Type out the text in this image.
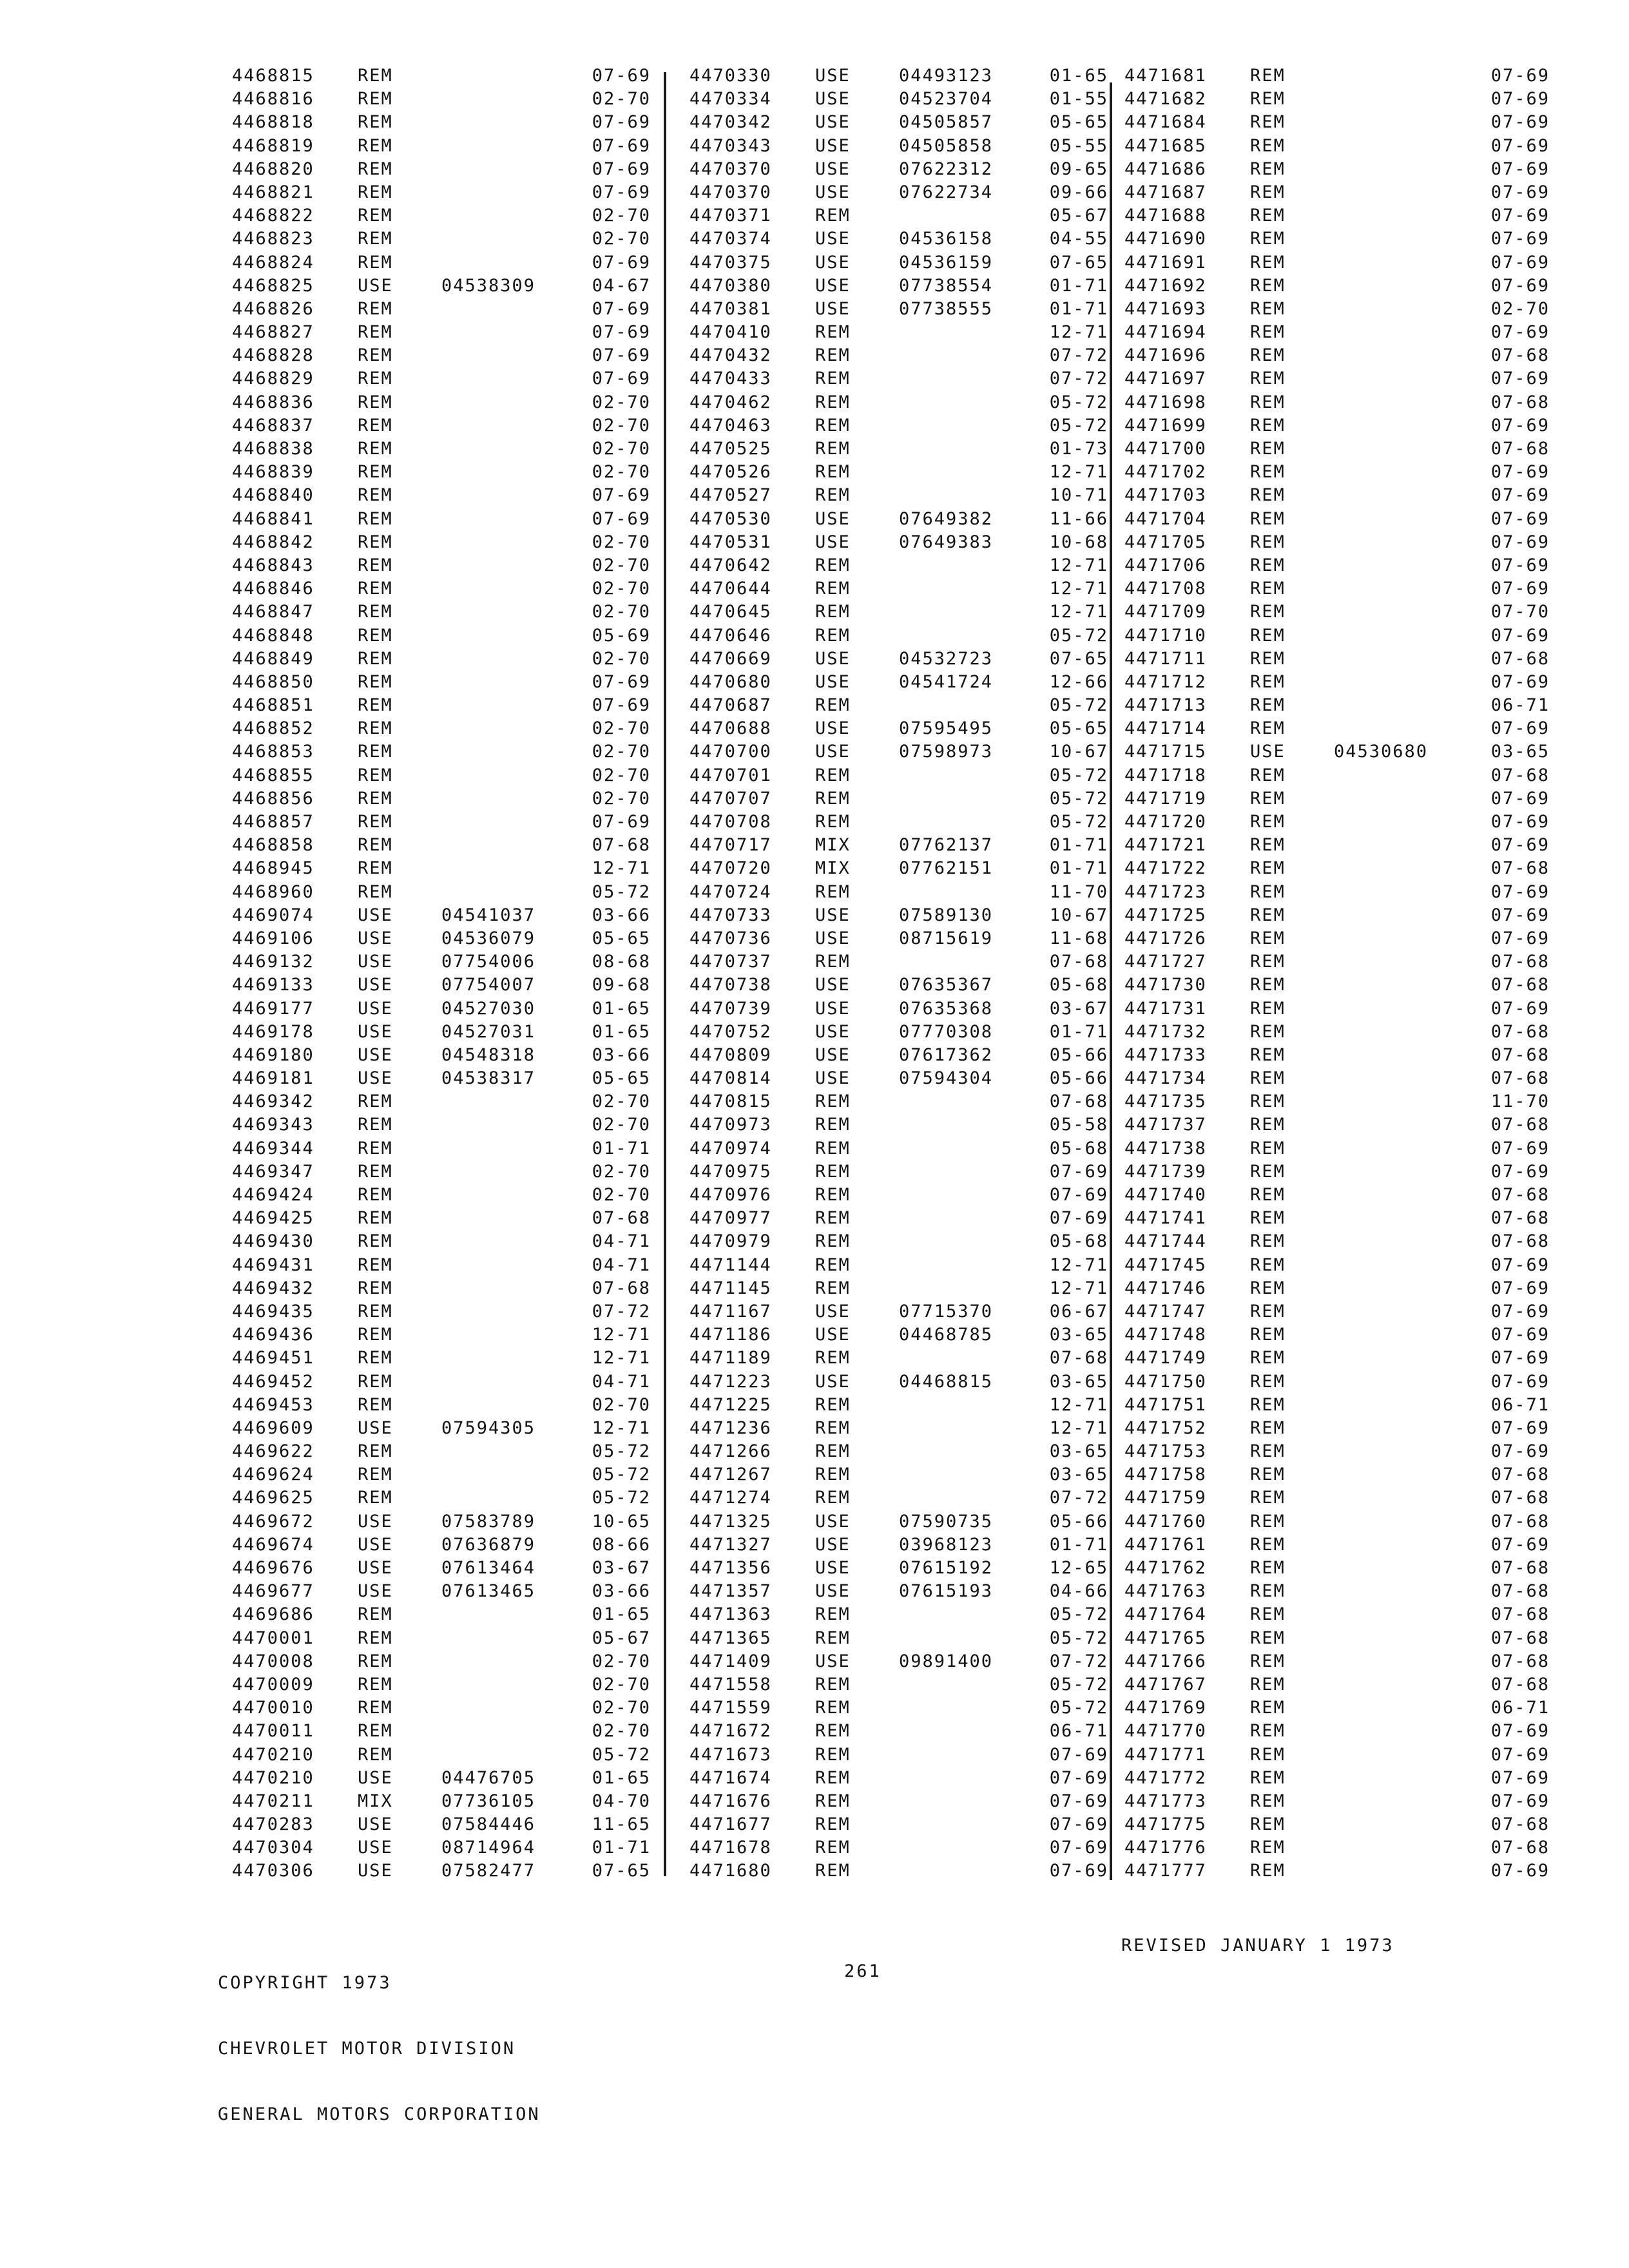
4468815 REM	07-69
4468816 REM	02-70
4468818 REM	07-69
4468819 REM	07-69
4468820 REM	07-69
4468821 REM	07-69
4468822 REM	02-70
4468823 REM	02-70
4468824 REM	07-69
4468825 USE	04538309	04-67
4468826 REM	07-69
4468827 REM	07-69
4468828 REM	07-69
4468829 REM	07-69
4468836 REM	02-70
4468837 REM	02-70
4468838 REM	02-70
4468839 REM	02-70
4468840 REM	07-69
4468841 REM	07-69
4468842 REM	02-70
4468843 REM	02-70
4468846 REM	02-70
4468847 REM	02-70
4468848 REM	05-69
4468849 REM	02-70
4468850 REM	07-69
4468851 REM	07-69
4468852 REM	02-70
4468853 REM	02-70
4468855 REM	02-70
4468856 REM	02-70
4468857 REM	07-69
4468858 REM	07-68
4468945 REM	12-71
4468960 REM	05-72
4469074 USE	04541037	03-66
4469106 USE	04536079	05-65
4469132 USE	07754006	08-68
4469133 USE	07754007	09-68
4469177 USE	04527030	01-65
4469178 USE	04527031	01-65
4469180 USE	04548318	03-66
4469181 USE	04538317	05-65
4469342 REM	02-70
4469343 REM	02-70
4469344 REM	01-71
4469347 REM	02-70
4469424 REM	02-70
4469425 REM	07-68
4469430 REM	04-71
4469431 REM	04-71
4469432 REM	07-68
4469435 REM	07-72
4469436 REM	12-71
4469451 REM	12-71
4469452 REM	04-71
4469453 REM	02-70
4469609 USE	07594305	12-71
4469622 REM	05-72
4469624 REM	05-72
4469625 REM	05-72
4469672 USE	07583789	10-65
4469674 USE	07636879	08-66
4469676 USE	07613464	03-67
4469677 USE	07613465	03-66
4469686 REM	01-65
4470001 REM	05-67
4470008 REM	02-70
4470009 REM	02-70
4470010 REM	02-70
4470011 REM	02-70
4470210 REM	05-72
4470210 USE	04476705	01-65
4470211 MIX	07736105	04-70
4470283 USE	07584446	11-65
4470304 USE	08714964	01-71
4470306 USE	07582477	07-65
4470330 USE	04493123	01-65
4470334 USE	04523704	01-55
4470342 USE	04505857	05-65
4470343 USE	04505858	05-55
4470370 USE	07622312	09-65
4470370 USE	07622734	09-66
4470371 REM	05-67
4470374 USE	04536158	04-55
4470375 USE	04536159	07-65
4470380 USE	07738554	01-71
4470381 USE	07738555	01-71
4470410 REM	12-71
4470432 REM	07-72
4470433 REM	07-72
4470462 REM	05-72
4470463 REM	05-72
4470525 REM	01-73
4470526 REM	12-71
4470527 REM	10-71
4470530 USE	07649382	11-66
4470531 USE	07649383	10-68
4470642 REM	12-71
4470644 REM	12-71
4470645 REM	12-71
4470646 REM	05-72
4470669 USE	04532723	07-65
4470680 USE	04541724	12-66
4470687 REM	05-72
4470688 USE	07595495	05-65
4470700 USE	07598973	10-67
4470701 REM	05-72
4470707 REM	05-72
4470708 REM	05-72
4470717 MIX	07762137	01-71
4470720 MIX	07762151	01-71
4470724 REM	11-70
4470733 USE	07589130	10-67
4470736 USE	08715619	11-68
4470737 REM	07-68
4470738 USE	07635367	05-68
4470739 USE	07635368	03-67
4470752 USE	07770308	01-71
4470809 USE	07617362	05-66
4470814 USE	07594304	05-66
4470815 REM	07-68
4470973 REM	05-58
4470974 REM	05-68
4470975 REM	07-69
4470976 REM	07-69
4470977 REM	07-69
4470979 REM	05-68
4471144 REM	12-71
4471145 REM	12-71
4471167 USE	07715370	06-67
4471186 USE	04468785	03-65
4471189 REM	07-68
4471223 USE	04468815	03-65
4471225 REM	12-71
4471236 REM	12-71
4471266 REM	03-65
4471267 REM	03-65
4471274 REM	07-72
4471325 USE	07590735	05-66
4471327 USE	03968123	01-71
4471356 USE	07615192	12-65
4471357 USE	07615193	04-66
4471363 REM	05-72
4471365 REM	05-72
4471409 USE	09891400	07-72
4471558 REM	05-72
4471559 REM	05-72
4471672 REM	06-71
4471673 REM	07-69
4471674 REM	07-69
4471676 REM	07-69
4471677 REM	07-69
4471678 REM	07-69
4471680 REM	07-69
4471681 REM	07-69
4471682 REM	07-69
4471684 REM	07-69
4471685 REM	07-69
4471686 REM	07-69
4471687 REM	07-69
4471688 REM	07-69
4471690 REM	07-69
4471691 REM	07-69
4471692 REM	07-69
4471693 REM	02-70
4471694 REM	07-69
4471696 REM	07-68
4471697 REM	07-69
4471698 REM	07-68
4471699 REM	07-69
4471700 REM	07-68
4471702 REM	07-69
4471703 REM	07-69
4471704 REM	07-69
4471705 REM	07-69
4471706 REM	07-69
4471708 REM	07-69
4471709 REM	07-70
4471710 REM	07-69
4471711 REM	07-68
4471712 REM	07-69
4471713 REM	06-71
4471714 REM	07-69
4471715 USE	04530680	03-65
4471718 REM	07-68
4471719 REM	07-69
4471720 REM	07-69
4471721 REM	07-69
4471722 REM	07-68
4471723 REM	07-69
4471725 REM	07-69
4471726 REM	07-69
4471727 REM	07-68
4471730 REM	07-68
4471731 REM	07-69
4471732 REM	07-68
4471733 REM	07-68
4471734 REM	07-68
4471735 REM	11-70
4471737 REM	07-68
4471738 REM	07-69
4471739 REM	07-69
4471740 REM	07-68
4471741 REM	07-68
4471744 REM	07-68
4471745 REM	07-69
4471746 REM	07-69
4471747 REM	07-69
4471748 REM	07-69
4471749 REM	07-69
4471750 REM	07-69
4471751 REM	06-71
4471752 REM	07-69
4471753 REM	07-69
4471758 REM	07-68
4471759 REM	07-68
4471760 REM	07-68
4471761 REM	07-69
4471762 REM	07-68
4471763 REM	07-68
4471764 REM	07-68
4471765 REM	07-68
4471766 REM	07-68
4471767 REM	07-68
4471769 REM	06-71
4471770 REM	07-69
4471771 REM	07-69
4471772 REM	07-69
4471773 REM	07-69
4471775 REM	07-68
4471776 REM	07-68
4471777 REM	07-69

COPYRIGHT 1973

CHEVROLET MOTOR DIVISION

GENERAL MOTORS CORPORATION

261
REVISED JANUARY 1 1973
